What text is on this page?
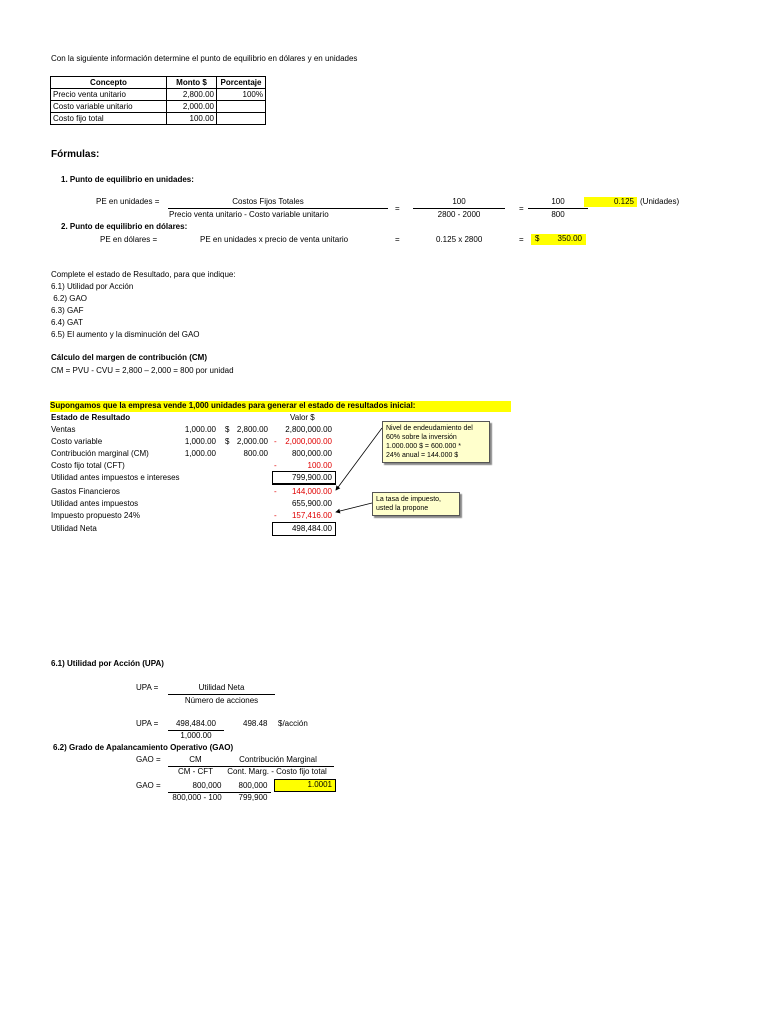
Con la siguiente información determine el punto de equilibrio en dólares y en unidades
Concepto	Monto $	Porcentaje
Precio venta unitario	2,800.00	100%
Costo variable unitario	2,000.00	
Costo fijo total	100.00	
Fórmulas:
1. Punto de equilibrio en unidades:
PE en unidades =	Costos Fijos Totales
Precio venta unitario - Costo variable unitario
=
100
2800 - 2000
=
100
800
0.125 (Unidades)
2. Punto de equilibrio en dólares:
PE en dólares =	PE en unidades x precio de venta unitario	=	0.125 x 2800	= $ 350.00
Complete el estado de Resultado, para que indique:
6.1) Utilidad por Acción
6.2) GAO
6.3) GAF
6.4) GAT
6.5) El aumento y la disminución del GAO
Cálculo del margen de contribución (CM)
CM = PVU - CVU = 2,800 – 2,000 = 800 por unidad
Supongamos que la empresa vende 1,000 unidades para generar el estado de resultados inicial:
Estado de Resultado	Valor $
Ventas	1,000.00 $ 2,800.00	2,800,000.00
Costo variable	1,000.00 $ 2,000.00 -	2,000,000.00
Contribución marginal (CM)	1,000.00	800.00	800,000.00
Costo fijo total (CFT)	-	100.00
Utilidad antes impuestos e intereses	799,900.00
Gastos Financieros	-	144,000.00
Utilidad antes impuestos	655,900.00
Impuesto propuesto 24%	-	157,416.00
Utilidad Neta	498,484.00
Nivel de endeudamiento del
60% sobre la inversión
1.000.000 $ = 600.000 *
24% anual = 144.000 $
La tasa de impuesto,
usted la propone
6.1) Utilidad por Acción (UPA)
UPA =	Utilidad Neta
Número de acciones
UPA =	498,484.00
1,000.00
498.48 $/acción
6.2) Grado de Apalancamiento Operativo (GAO)
GAO =	CM	Contribución Marginal
CM - CFT	Cont. Marg. - Costo fijo total
GAO =	800,000	800,000	1.0001
800,000 - 100	799,900
